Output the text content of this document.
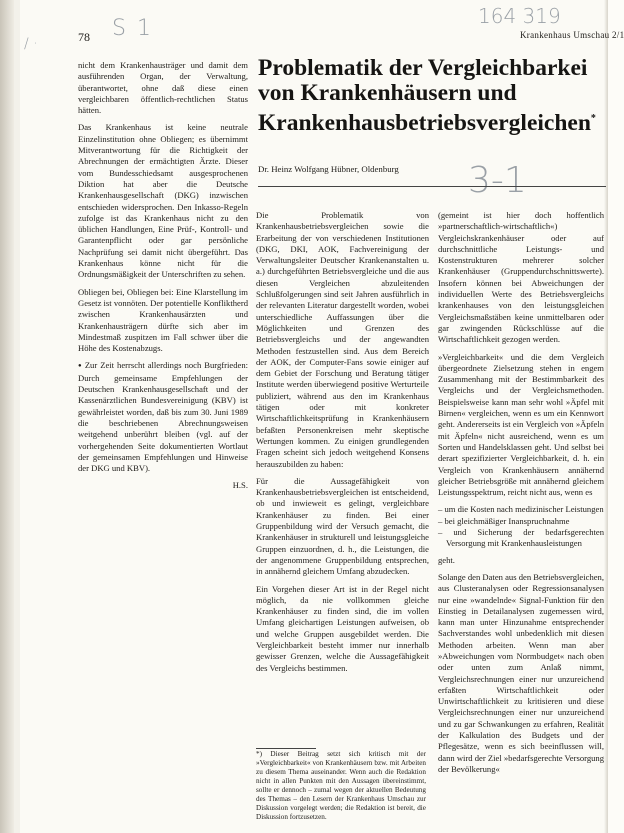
78	Krankenhaus Umschau 2/1
S 1	164 319
3-1
/ ·

nicht dem Krankenhausträger und damit dem ausführenden Organ, der Verwaltung, überantwortet, ohne daß diese einen vergleichbaren öffentlich-rechtlichen Status hätten.

Das Krankenhaus ist keine neutrale Einzelinstitution ohne Obliegen; es übernimmt Mitverantwortung für die Richtigkeit der Abrechnungen der ermächtigten Ärzte. Dieser vom Bundesschiedsamt ausgesprochenen Diktion hat aber die Deutsche Krankenhausgesellschaft (DKG) inzwischen entschieden widersprochen. Den Inkasso-Regeln zufolge ist das Krankenhaus nicht zu den üblichen Handlungen, Eine Prüf-, Kontroll- und Garantenpflicht oder gar persönliche Nachprüfung sei damit nicht übergeführt. Das Krankenhaus könne nicht für die Ordnungsmäßigkeit der Unterschriften zu sehen.

Obliegen bei, Obliegen bei: Eine Klarstellung im Gesetz ist vonnöten. Der potentielle Konfliktherd zwischen Krankenhausärzten und Krankenhausträgern dürfte sich aber im Mindestmaß zuspitzen im Fall schwer über die Höhe des Kostenabzugs.

● Zur Zeit herrscht allerdings noch Burgfrieden: Durch gemeinsame Empfehlungen der Deutschen Krankenhausgesellschaft und der Kassenärztlichen Bundesvereinigung (KBV) ist gewährleistet worden, daß bis zum 30. Juni 1989 die beschriebenen Abrechnungsweisen weitgehend unberührt bleiben (vgl. auf der vorhergehenden Seite dokumentierten Wortlaut der gemeinsamen Empfehlungen und Hinweise der DKG und KBV).

H.S.

Problematik der Vergleichbarkei
von Krankenhäusern und
Krankenhausbetriebsvergleichen*
Dr. Heinz Wolfgang Hübner, Oldenburg

Die Problematik von Krankenhausbetriebsvergleichen sowie die Erarbeitung der von verschiedenen Institutionen (DKG, DKI, AOK, Fachvereinigung der Verwaltungsleiter Deutscher Krankenanstalten u. a.) durchgeführten Betriebsvergleiche und die aus diesen Vergleichen abzuleitenden Schlußfolgerungen sind seit Jahren ausführlich in der relevanten Literatur dargestellt worden, wobei unterschiedliche Auffassungen über die Möglichkeiten und Grenzen des Betriebsvergleichs und der angewandten Methoden festzustellen sind. Aus dem Bereich der AOK, der Computer-Fans sowie einiger auf dem Gebiet der Forschung und Beratung tätiger Institute werden überwiegend positive Werturteile publiziert, während aus den im Krankenhaus tätigen oder mit konkreter Wirtschaftlichkeitsprüfung in Krankenhäusern befaßten Personenkreisen mehr skeptische Wertungen kommen. Zu einigen grundlegenden Fragen scheint sich jedoch weitgehend Konsens herauszubilden zu haben:

Für die Aussagefähigkeit von Krankenhausbetriebsvergleichen ist entscheidend, ob und inwieweit es gelingt, vergleichbare Krankenhäuser zu finden. Bei einer Gruppenbildung wird der Versuch gemacht, die Krankenhäuser in strukturell und leistungsgleiche Gruppen einzuordnen, d. h., die Leistungen, die der angenommene Gruppenbildung entsprechen, in annähernd gleichem Umfang abzudecken.

Ein Vorgehen dieser Art ist in der Regel nicht möglich, da nie vollkommen gleiche Krankenhäuser zu finden sind, die im vollen Umfang gleichartigen Leistungen aufweisen, ob und welche Gruppen ausgebildet werden. Die Vergleichbarkeit besteht immer nur innerhalb gewisser Grenzen, welche die Aussagefähigkeit des Vergleichs bestimmen.

*) Dieser Beitrag setzt sich kritisch mit der »Vergleichbarkeit« von Krankenhäusern bzw. mit Arbeiten zu diesem Thema auseinander. Wenn auch die Redaktion nicht in allen Punkten mit den Aussagen übereinstimmt, sollte er dennoch – zumal wegen der aktuellen Bedeutung des Themas – den Lesern der Krankenhaus Umschau zur Diskussion vorgelegt werden; die Redaktion ist bereit, die Diskussion fortzusetzen.

(gemeint ist hier doch hoffentlich »partnerschaftlich-wirtschaftlich«) Vergleichskrankenhäuser oder auf durchschnittliche Leistungs- und Kostenstrukturen mehrerer solcher Krankenhäuser (Gruppendurchschnittswerte). Insofern können bei Abweichungen der individuellen Werte des Betriebsvergleichs krankenhauses von den leistungsgleichen Vergleichsmaßstäben keine unmittelbaren oder gar zwingenden Rückschlüsse auf die Wirtschaftlichkeit gezogen werden.

»Vergleichbarkeit« und die dem Vergleich übergeordnete Zielsetzung stehen in engem Zusammenhang mit der Bestimmbarkeit des Vergleichs und der Vergleichsmethoden. Beispielsweise kann man sehr wohl »Äpfel mit Birnen« vergleichen, wenn es um ein Kennwort geht. Andererseits ist ein Vergleich von »Äpfeln mit Äpfeln« nicht ausreichend, wenn es um Sorten und Handelsklassen geht. Und selbst bei derart spezifizierter Vergleichbarkeit, d. h. ein Vergleich von Krankenhäusern annähernd gleicher Betriebsgröße mit annähernd gleichem Leistungsspektrum, reicht nicht aus, wenn es

– um die Kosten nach medizinischer Leistungen
– bei gleichmäßiger Inanspruchnahme
– und Sicherung der bedarfsgerechten Versorgung mit Krankenhausleistungen

geht.

Solange den Daten aus den Betriebsvergleichen, aus Clusteranalysen oder Regressionsanalysen nur eine »wandelnde« Signal-Funktion für den Einstieg in Detailanalysen zugemessen wird, kann man unter Hinzunahme entsprechender Sachverstandes wohl unbedenklich mit diesen Methoden arbeiten. Wenn man aber »Abweichungen vom Normbudget« nach oben oder unten zum Anlaß nimmt, Vergleichsrechnungen einer nur unzureichend erfaßten Wirtschaftlichkeit oder Unwirtschaftlichkeit zu kritisieren und diese Vergleichsrechnungen einer nur unzureichend und zu gar Schwankungen zu erfahren, Realität der Kalkulation des Budgets und der Pflegesätze, wenn es sich beeinflussen will, dann wird der Ziel »bedarfsgerechte Versorgung der Bevölkerung«
